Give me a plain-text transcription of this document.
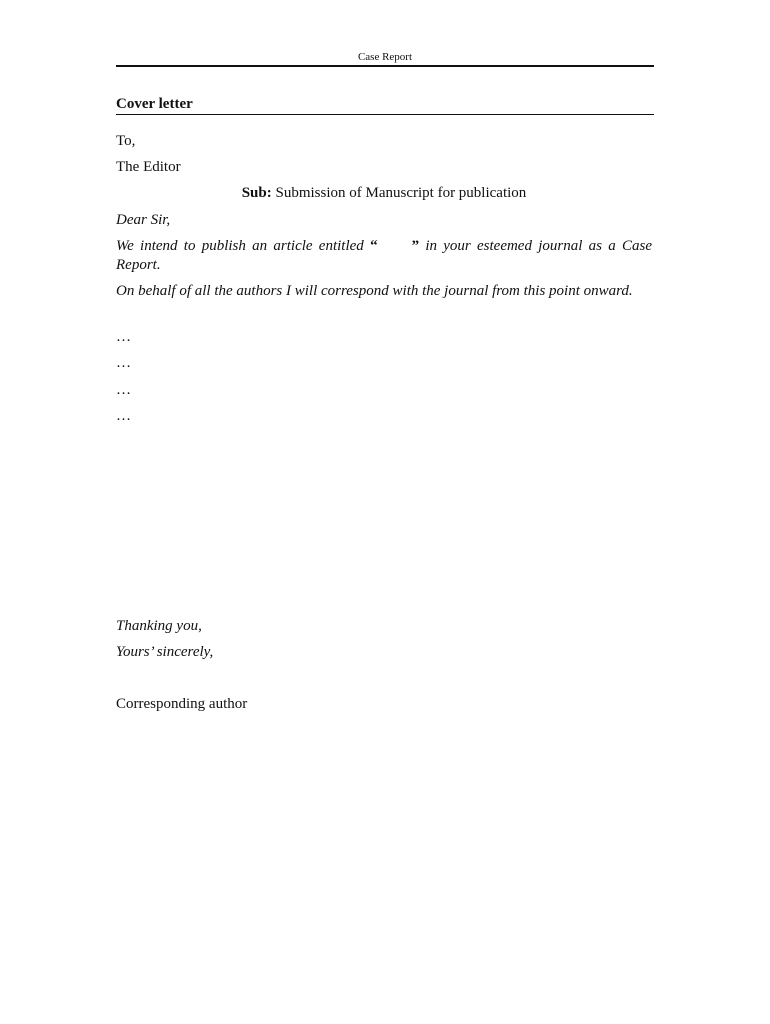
Case Report
Cover letter
To,
The Editor
Sub: Submission of Manuscript for publication
Dear Sir,
We intend to publish an article entitled “ ” in your esteemed journal as a Case Report.
On behalf of all the authors I will correspond with the journal from this point onward.
…
…
…
…
Thanking you,
Yours’ sincerely,
Corresponding author
